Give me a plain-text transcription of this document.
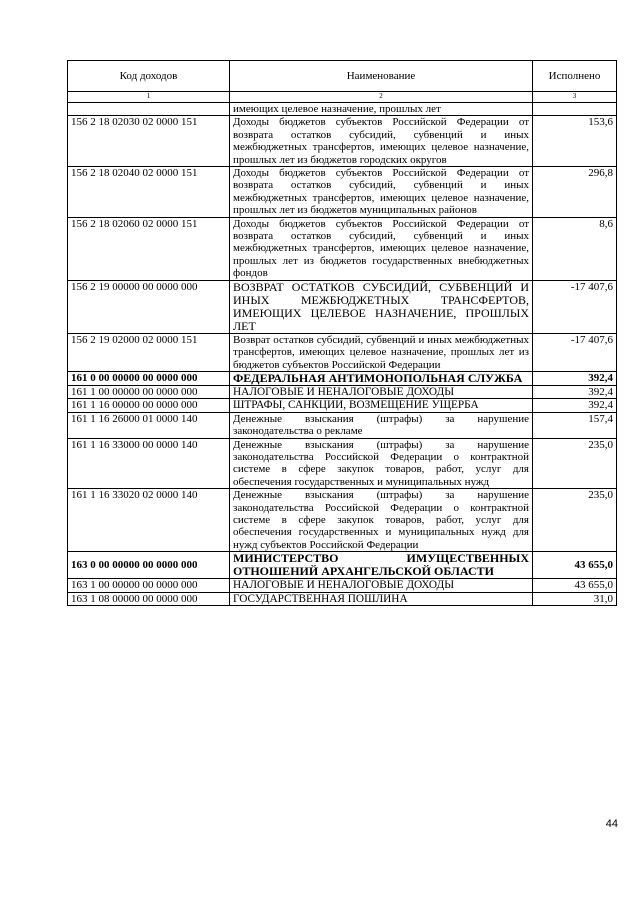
Код доходов	Наименование	Исполнено
1	2	3
	имеющих целевое назначение, прошлых лет	
156 2 18 02030 02 0000 151	Доходы бюджетов субъектов Российской Федерации от возврата остатков субсидий, субвенций и иных межбюджетных трансфертов, имеющих целевое назначение, прошлых лет из бюджетов городских округов	153,6
156 2 18 02040 02 0000 151	Доходы бюджетов субъектов Российской Федерации от возврата остатков субсидий, субвенций и иных межбюджетных трансфертов, имеющих целевое назначение, прошлых лет из бюджетов муниципальных районов	296,8
156 2 18 02060 02 0000 151	Доходы бюджетов субъектов Российской Федерации от возврата остатков субсидий, субвенций и иных межбюджетных трансфертов, имеющих целевое назначение, прошлых лет из бюджетов государственных внебюджетных фондов	8,6
156 2 19 00000 00 0000 000	ВОЗВРАТ ОСТАТКОВ СУБСИДИЙ, СУБВЕНЦИЙ И ИНЫХ МЕЖБЮДЖЕТНЫХ ТРАНСФЕРТОВ, ИМЕЮЩИХ ЦЕЛЕВОЕ НАЗНАЧЕНИЕ, ПРОШЛЫХ ЛЕТ	-17 407,6
156 2 19 02000 02 0000 151	Возврат остатков субсидий, субвенций и иных межбюджетных трансфертов, имеющих целевое назначение, прошлых лет из бюджетов субъектов Российской Федерации	-17 407,6
161 0 00 00000 00 0000 000	ФЕДЕРАЛЬНАЯ АНТИМОНОПОЛЬНАЯ СЛУЖБА	392,4
161 1 00 00000 00 0000 000	НАЛОГОВЫЕ И НЕНАЛОГОВЫЕ ДОХОДЫ	392,4
161 1 16 00000 00 0000 000	ШТРАФЫ, САНКЦИИ, ВОЗМЕЩЕНИЕ УЩЕРБА	392,4
161 1 16 26000 01 0000 140	Денежные взыскания (штрафы) за нарушение законодательства о рекламе	157,4
161 1 16 33000 00 0000 140	Денежные взыскания (штрафы) за нарушение законодательства Российской Федерации о контрактной системе в сфере закупок товаров, работ, услуг для обеспечения государственных и муниципальных нужд	235,0
161 1 16 33020 02 0000 140	Денежные взыскания (штрафы) за нарушение законодательства Российской Федерации о контрактной системе в сфере закупок товаров, работ, услуг для обеспечения государственных и муниципальных нужд для нужд субъектов Российской Федерации	235,0
163 0 00 00000 00 0000 000	МИНИСТЕРСТВО ИМУЩЕСТВЕННЫХ ОТНОШЕНИЙ АРХАНГЕЛЬСКОЙ ОБЛАСТИ	43 655,0
163 1 00 00000 00 0000 000	НАЛОГОВЫЕ И НЕНАЛОГОВЫЕ ДОХОДЫ	43 655,0
163 1 08 00000 00 0000 000	ГОСУДАРСТВЕННАЯ ПОШЛИНА	31,0
44
